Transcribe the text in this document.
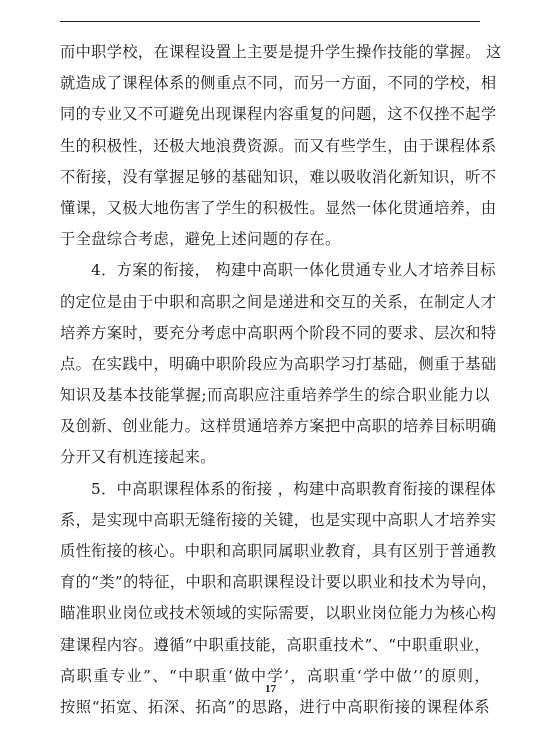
而中职学校，在课程设置上主要是提升学生操作技能的掌握。 这
就造成了课程体系的侧重点不同，而另一方面，不同的学校，相
同的专业又不可避免出现课程内容重复的问题，这不仅挫不起学
生的积极性，还极大地浪费资源。而又有些学生，由于课程体系
不衔接，没有掌握足够的基础知识，难以吸收消化新知识，听不
懂课，又极大地伤害了学生的积极性。显然一体化贯通培养，由
于全盘综合考虑，避免上述问题的存在。
4．方案的衔接， 构建中高职一体化贯通专业人才培养目标
的定位是由于中职和高职之间是递进和交互的关系，在制定人才
培养方案时，要充分考虑中高职两个阶段不同的要求、层次和特
点。在实践中，明确中职阶段应为高职学习打基础，侧重于基础
知识及基本技能掌握;而高职应注重培养学生的综合职业能力以
及创新、创业能力。这样贯通培养方案把中高职的培养目标明确
分开又有机连接起来。
5．中高职课程体系的衔接 ，构建中高职教育衔接的课程体
系，是实现中高职无缝衔接的关键，也是实现中高职人才培养实
质性衔接的核心。中职和高职同属职业教育，具有区别于普通教
育的“类”的特征，中职和高职课程设计要以职业和技术为导向，
瞄准职业岗位或技术领域的实际需要，以职业岗位能力为核心构
建课程内容。遵循“中职重技能，高职重技术”、“中职重职业，
高职重专业”、“中职重‘做中学’，高职重‘学中做’’的原则，
按照“拓宽、拓深、拓高”的思路，进行中高职衔接的课程体系
17
